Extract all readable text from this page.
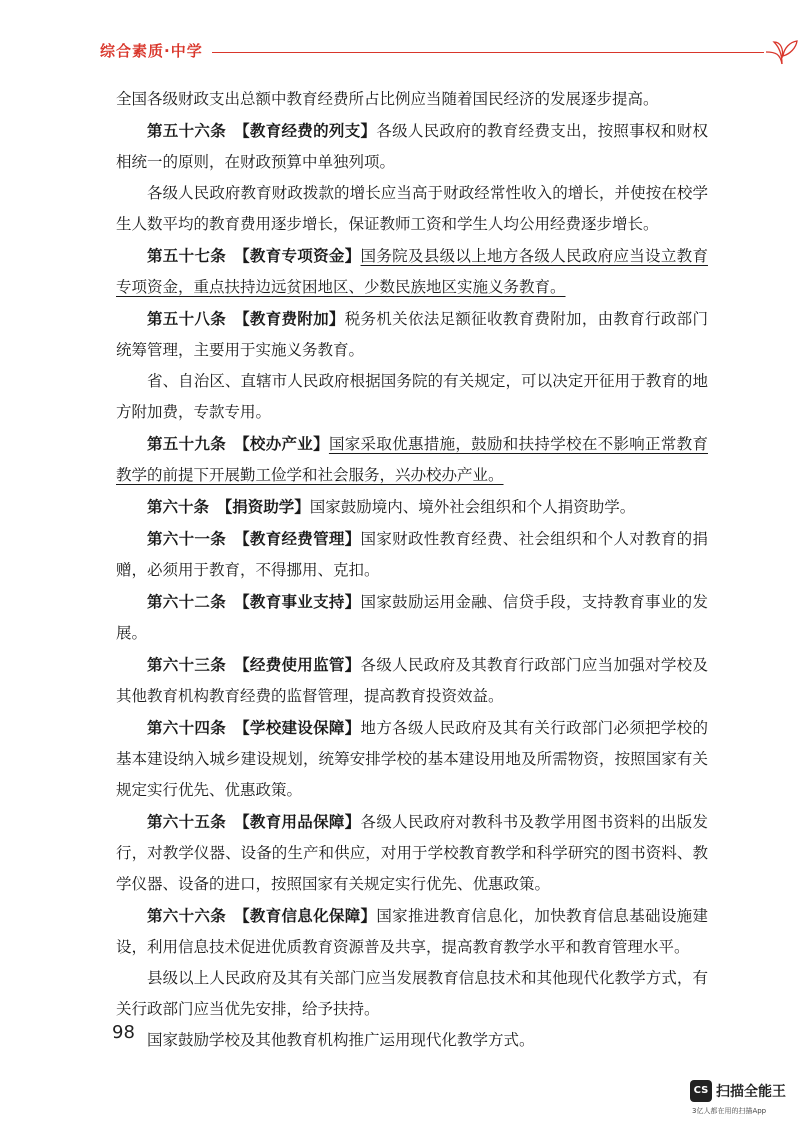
综合素质·中学

全国各级财政支出总额中教育经费所占比例应当随着国民经济的发展逐步提高。

第五十六条  【教育经费的列支】各级人民政府的教育经费支出，按照事权和财权相统一的原则，在财政预算中单独列项。

各级人民政府教育财政拨款的增长应当高于财政经常性收入的增长，并使按在校学生人数平均的教育费用逐步增长，保证教师工资和学生人均公用经费逐步增长。

第五十七条  【教育专项资金】国务院及县级以上地方各级人民政府应当设立教育专项资金，重点扶持边远贫困地区、少数民族地区实施义务教育。

第五十八条  【教育费附加】税务机关依法足额征收教育费附加，由教育行政部门统筹管理，主要用于实施义务教育。

省、自治区、直辖市人民政府根据国务院的有关规定，可以决定开征用于教育的地方附加费，专款专用。

第五十九条  【校办产业】国家采取优惠措施，鼓励和扶持学校在不影响正常教育教学的前提下开展勤工俭学和社会服务，兴办校办产业。

第六十条  【捐资助学】国家鼓励境内、境外社会组织和个人捐资助学。

第六十一条  【教育经费管理】国家财政性教育经费、社会组织和个人对教育的捐赠，必须用于教育，不得挪用、克扣。

第六十二条  【教育事业支持】国家鼓励运用金融、信贷手段，支持教育事业的发展。

第六十三条  【经费使用监管】各级人民政府及其教育行政部门应当加强对学校及其他教育机构教育经费的监督管理，提高教育投资效益。

第六十四条  【学校建设保障】地方各级人民政府及其有关行政部门必须把学校的基本建设纳入城乡建设规划，统筹安排学校的基本建设用地及所需物资，按照国家有关规定实行优先、优惠政策。

第六十五条  【教育用品保障】各级人民政府对教科书及教学用图书资料的出版发行，对教学仪器、设备的生产和供应，对用于学校教育教学和科学研究的图书资料、教学仪器、设备的进口，按照国家有关规定实行优先、优惠政策。

第六十六条  【教育信息化保障】国家推进教育信息化，加快教育信息基础设施建设，利用信息技术促进优质教育资源普及共享，提高教育教学水平和教育管理水平。

县级以上人民政府及其有关部门应当发展教育信息技术和其他现代化教学方式，有关行政部门应当优先安排，给予扶持。

国家鼓励学校及其他教育机构推广运用现代化教学方式。

98
CS 扫描全能王
3亿人都在用的扫描App
